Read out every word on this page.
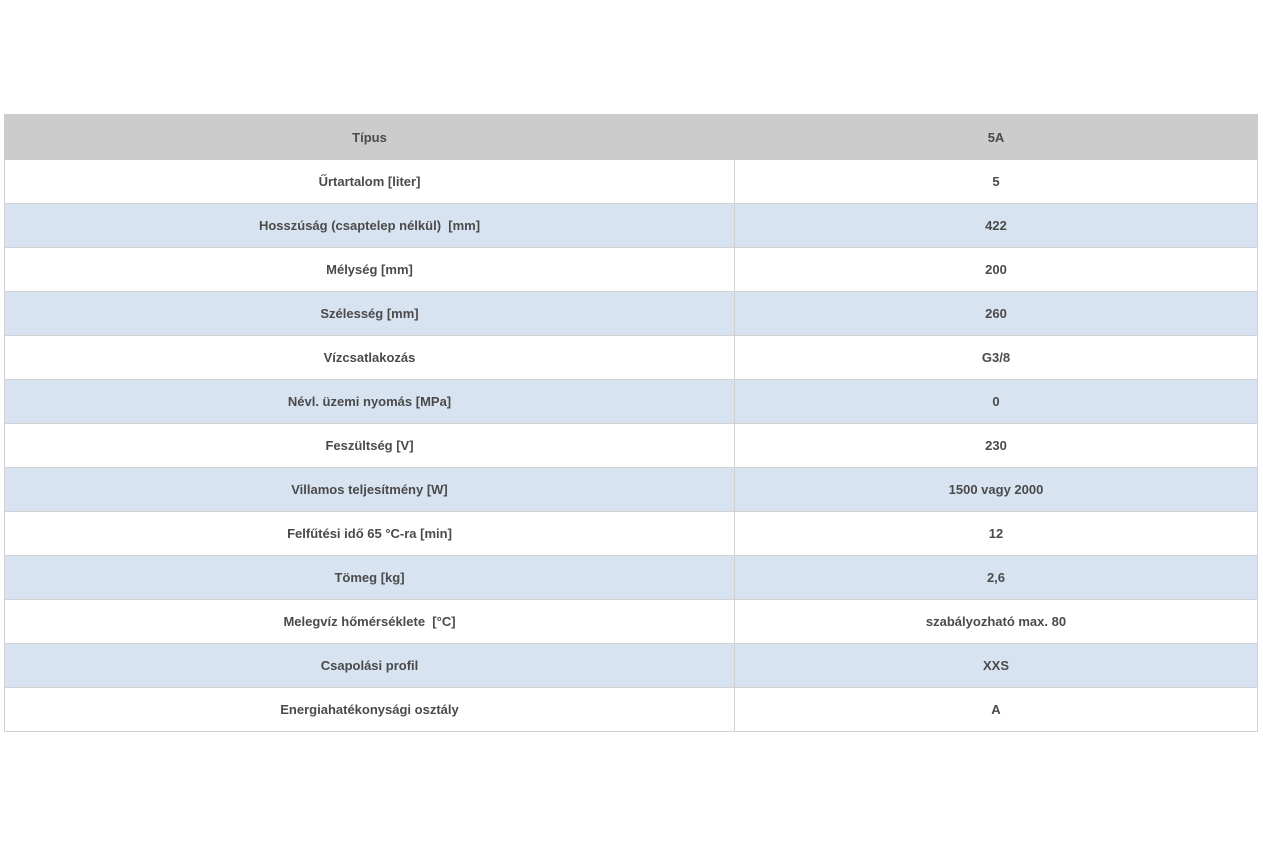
Típus	5A
Űrtartalom [liter]	5
Hosszúság (csaptelep nélkül)  [mm]	422
Mélység [mm]	200
Szélesség [mm]	260
Vízcsatlakozás	G3/8
Névl. üzemi nyomás [MPa]	0
Feszültség [V]	230
Villamos teljesítmény [W]	1500 vagy 2000
Felfűtési idő 65 °C-ra [min]	12
Tömeg [kg]	2,6
Melegvíz hőmérséklete  [°C]	szabályozható max. 80
Csapolási profil	XXS
Energiahatékonysági osztály	A
